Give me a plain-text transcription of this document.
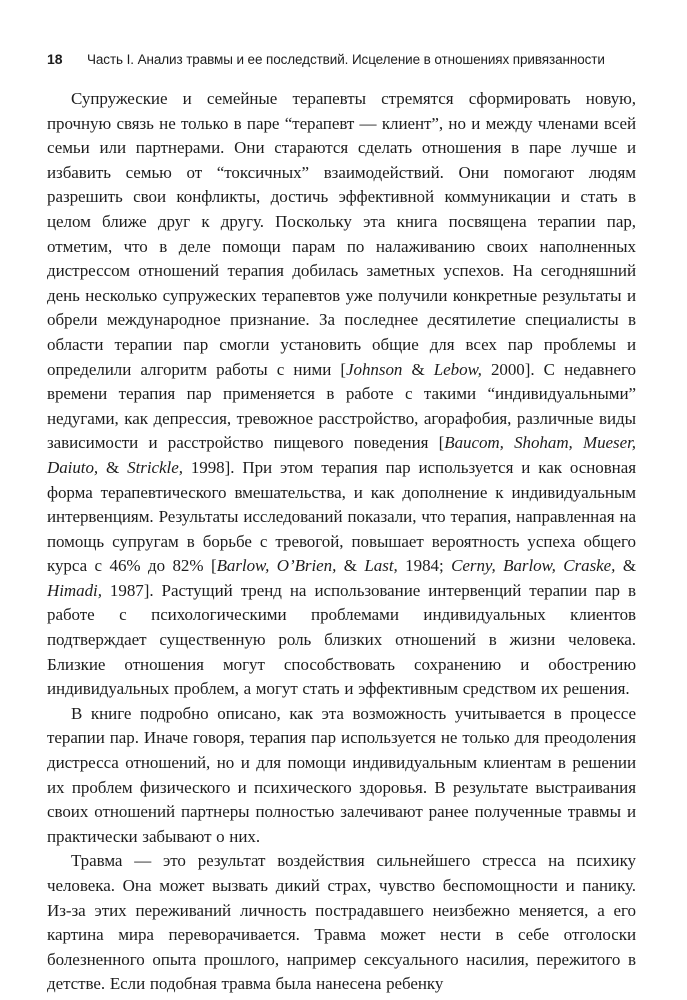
18	Часть I. Анализ травмы и ее последствий. Исцеление в отношениях привязанности

Супружеские и семейные терапевты стремятся сформировать новую, прочную связь не только в паре “терапевт — клиент”, но и между членами всей семьи или партнерами. Они стараются сделать отношения в паре лучше и избавить семью от “токсичных” взаимодействий. Они помогают людям разрешить свои конфликты, достичь эффективной коммуникации и стать в целом ближе друг к другу. Поскольку эта книга посвящена терапии пар, отметим, что в деле помощи парам по налаживанию своих наполненных дистрессом отношений терапия добилась заметных успехов. На сегодняшний день несколько супружеских терапевтов уже получили конкретные результаты и обрели международное признание. За последнее десятилетие специалисты в области терапии пар смогли установить общие для всех пар проблемы и определили алгоритм работы с ними [Johnson & Lebow, 2000]. С недавнего времени терапия пар применяется в работе с такими “индивидуальными” недугами, как депрессия, тревожное расстройство, агорафобия, различные виды зависимости и расстройство пищевого поведения [Baucom, Shoham, Mueser, Daiuto, & Strickle, 1998]. При этом терапия пар используется и как основная форма терапевтического вмешательства, и как дополнение к индивидуальным интервенциям. Результаты исследований показали, что терапия, направленная на помощь супругам в борьбе с тревогой, повышает вероятность успеха общего курса с 46% до 82% [Barlow, O’Brien, & Last, 1984; Cerny, Barlow, Craske, & Himadi, 1987]. Растущий тренд на использование интервенций терапии пар в работе с психологическими проблемами индивидуальных клиентов подтверждает существенную роль близких отношений в жизни человека. Близкие отношения могут способствовать сохранению и обострению индивидуальных проблем, а могут стать и эффективным средством их решения.

В книге подробно описано, как эта возможность учитывается в процессе терапии пар. Иначе говоря, терапия пар используется не только для преодоления дистресса отношений, но и для помощи индивидуальным клиентам в решении их проблем физического и психического здоровья. В результате выстраивания своих отношений партнеры полностью залечивают ранее полученные травмы и практически забывают о них.

Травма — это результат воздействия сильнейшего стресса на психику человека. Она может вызвать дикий страх, чувство беспомощности и панику. Из-за этих переживаний личность пострадавшего неизбежно меняется, а его картина мира переворачивается. Травма может нести в себе отголоски болезненного опыта прошлого, например сексуального насилия, пережитого в детстве. Если подобная травма была нанесена ребенку
